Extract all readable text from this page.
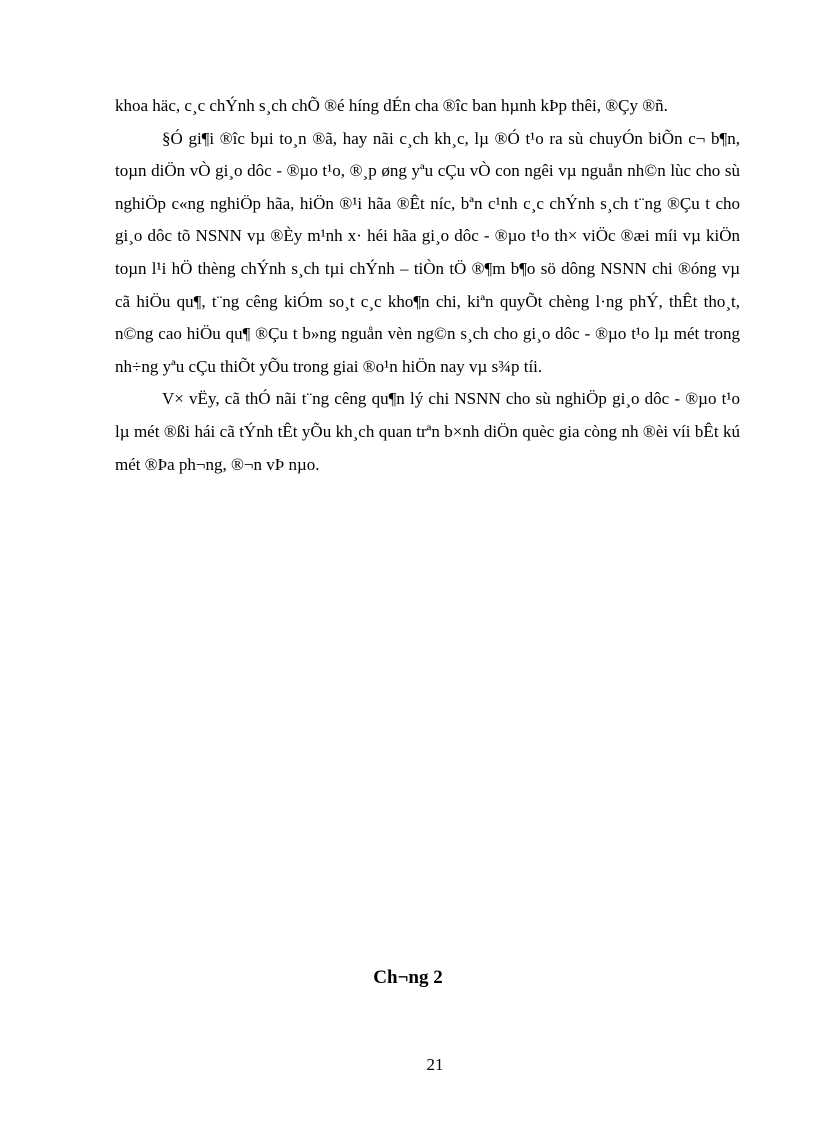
khoa häc, c¸c chÝnh s¸ch chÕ ®é híng dÉn cha ®îc ban hµnh kÞp thêi, ®Çy ®ñ.

§Ó gi¶i ®îc bµi to¸n ®ã, hay nãi c¸ch kh¸c, lµ ®Ó t¹o ra sù chuyÓn biÕn c¬ b¶n, toµn diÖn vÒ gi¸o dôc - ®µo t¹o, ®¸p øng yªu cÇu vÒ con ngêi vµ nguån nh©n lùc cho sù nghiÖp c«ng nghiÖp hãa, hiÖn ®¹i hãa ®Êt níc, bªn c¹nh c¸c chÝnh s¸ch t¨ng ®Çu t cho gi¸o dôc tõ NSNN vµ ®Èy m¹nh x· héi hãa gi¸o dôc - ®µo t¹o th× viÖc ®æi míi vµ kiÖn toµn l¹i hÖ thèng chÝnh s¸ch tµi chÝnh – tiÒn tÖ ®¶m b¶o sö dông NSNN chi ®óng vµ cã hiÖu qu¶, t¨ng cêng kiÓm so¸t c¸c kho¶n chi, kiªn quyÕt chèng l·ng phÝ, thÊt tho¸t, n©ng cao hiÖu qu¶ ®Çu t b»ng nguån vèn ng©n s¸ch cho gi¸o dôc - ®µo t¹o lµ mét trong nh÷ng yªu cÇu thiÕt yÕu trong giai ®o¹n hiÖn nay vµ s¾p tíi.

V× vËy, cã thÓ nãi t¨ng cêng qu¶n lý chi NSNN cho sù nghiÖp gi¸o dôc - ®µo t¹o lµ mét ®ßi hái cã tÝnh tÊt yÕu kh¸ch quan trªn b×nh diÖn quèc gia còng nh ®èi víi bÊt kú mét ®Þa ph¬ng, ®¬n vÞ nµo.

Ch¬ng 2
21
